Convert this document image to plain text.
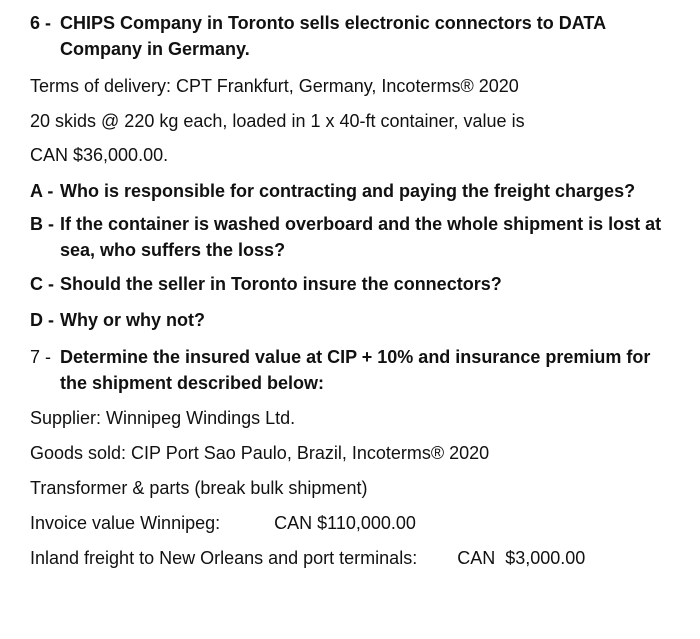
6 - CHIPS Company in Toronto sells electronic connectors to DATA Company in Germany.
Terms of delivery: CPT Frankfurt, Germany, Incoterms® 2020
20 skids @ 220 kg each, loaded in 1 x 40-ft container, value is
CAN $36,000.00.
A - Who is responsible for contracting and paying the freight charges?
B - If the container is washed overboard and the whole shipment is lost at sea, who suffers the loss?
C - Should the seller in Toronto insure the connectors?
D - Why or why not?
7 - Determine the insured value at CIP + 10% and insurance premium for the shipment described below:
Supplier: Winnipeg Windings Ltd.
Goods sold: CIP Port Sao Paulo, Brazil, Incoterms® 2020
Transformer & parts (break bulk shipment)
Invoice value Winnipeg:	CAN $110,000.00
Inland freight to New Orleans and port terminals: CAN  $3,000.00
